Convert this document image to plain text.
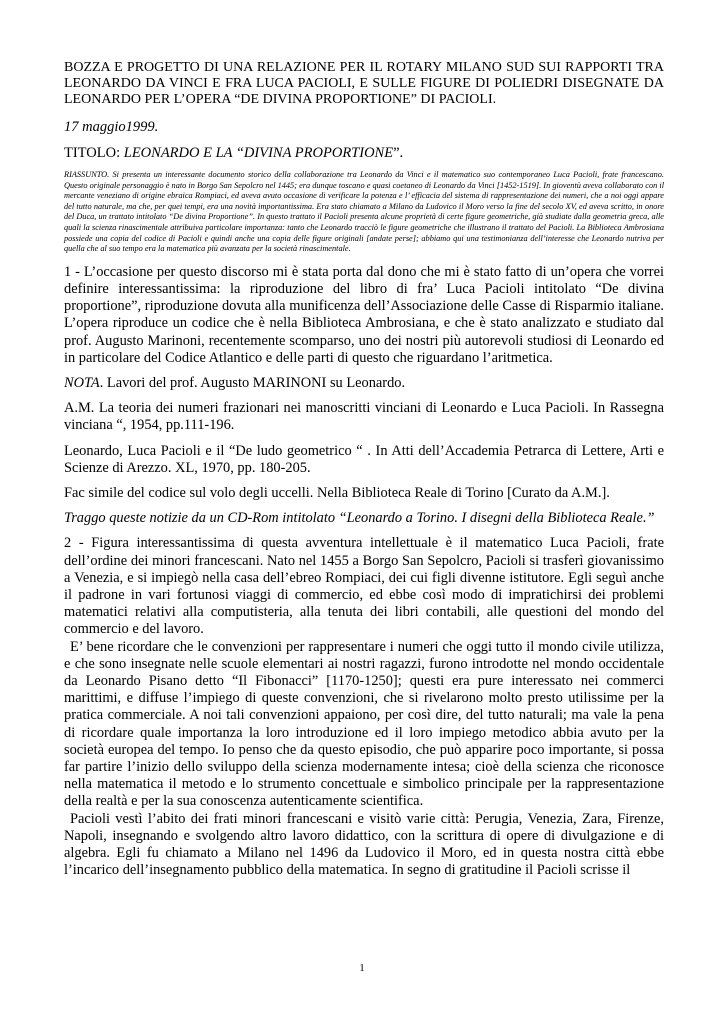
BOZZA E PROGETTO DI UNA RELAZIONE PER IL ROTARY MILANO SUD SUI RAPPORTI TRA LEONARDO DA VINCI E FRA LUCA PACIOLI, E SULLE FIGURE DI POLIEDRI DISEGNATE DA LEONARDO PER L’OPERA “DE DIVINA PROPORTIONE” DI PACIOLI.

17 maggio1999.

TITOLO: LEONARDO E LA “DIVINA PROPORTIONE”.

RIASSUNTO. Si presenta un interessante documento storico della collaborazione tra Leonardo da Vinci e il matematico suo contemporaneo Luca Pacioli, frate francescano. Questo originale personaggio è nato in Borgo San Sepolcro nel 1445; era dunque toscano e quasi coetaneo di Leonardo da Vinci [1452-1519]. In gioventù aveva collaborato con il mercante veneziano di origine ebraica Rompiaci, ed aveva avuto occasione di verificare la potenza e l’ efficacia del sistema di rappresentazione dei numeri, che a noi oggi appare del tutto naturale, ma che, per quei tempi, era una novità importantissima. Era stato chiamato a Milano da Ludovico il Moro verso la fine del secolo XV, ed aveva scritto, in onore del Duca, un trattato intitolato “De divina Proportione”. In questo trattato il Pacioli presenta alcune proprietà di certe figure geometriche, già studiate dalla geometria greca, alle quali la scienza rinascimentale attribuiva particolare importanza: tanto che Leonardo tracciò le figure geometriche che illustrano il trattato del Pacioli. La Biblioteca Ambrosiana possiede una copia del codice di Pacioli e quindi anche una copia delle figure originali [andate perse]; abbiamo qui una testimonianza dell’interesse che Leonardo nutriva per quella che al suo tempo era la matematica più avanzata per la società rinascimentale.

1 - L’occasione per questo discorso mi è stata porta dal dono che mi è stato fatto di un’opera che vorrei definire interessantissima: la riproduzione del libro di fra’ Luca Pacioli intitolato “De divina proportione”, riproduzione dovuta alla munificenza dell’Associazione delle Casse di Risparmio italiane. L’opera riproduce un codice che è nella Biblioteca Ambrosiana, e che è stato analizzato e studiato dal prof. Augusto Marinoni, recentemente scomparso, uno dei nostri più autorevoli studiosi di Leonardo ed in particolare del Codice Atlantico e delle parti di questo che riguardano l’aritmetica.

NOTA. Lavori del prof. Augusto MARINONI su Leonardo.

A.M. La teoria dei numeri frazionari nei manoscritti vinciani di Leonardo e Luca Pacioli. In Rassegna vinciana “, 1954, pp.111-196.

Leonardo, Luca Pacioli e il “De ludo geometrico “ . In Atti dell’Accademia Petrarca di Lettere, Arti e Scienze di Arezzo. XL, 1970, pp. 180-205.

Fac simile del codice sul volo degli uccelli. Nella Biblioteca Reale di Torino [Curato da A.M.].

Traggo queste notizie da un CD-Rom intitolato “Leonardo a Torino. I disegni della Biblioteca Reale.”

2 - Figura interessantissima di questa avventura intellettuale è il matematico Luca Pacioli, frate dell’ordine dei minori francescani. Nato nel 1455 a Borgo San Sepolcro, Pacioli si trasferì giovanissimo a Venezia, e si impiegò nella casa dell’ebreo Rompiaci, dei cui figli divenne istitutore. Egli seguì anche il padrone in vari fortunosi viaggi di commercio, ed ebbe così modo di impratichirsi dei problemi matematici relativi alla computisteria, alla tenuta dei libri contabili, alle questioni del mondo del commercio e del lavoro.

E’ bene ricordare che le convenzioni per rappresentare i numeri che oggi tutto il mondo civile utilizza, e che sono insegnate nelle scuole elementari ai nostri ragazzi, furono introdotte nel mondo occidentale da Leonardo Pisano detto “Il Fibonacci” [1170-1250]; questi era pure interessato nei commerci marittimi, e diffuse l’impiego di queste convenzioni, che si rivelarono molto presto utilissime per la pratica commerciale. A noi tali convenzioni appaiono, per così dire, del tutto naturali; ma vale la pena di ricordare quale importanza la loro introduzione ed il loro impiego metodico abbia avuto per la società europea del tempo. Io penso che da questo episodio, che può apparire poco importante, si possa far partire l’inizio dello sviluppo della scienza modernamente intesa; cioè della scienza che riconosce nella matematica il metodo e lo strumento concettuale e simbolico principale per la rappresentazione della realtà e per la sua conoscenza autenticamente scientifica.

Pacioli vestì l’abito dei frati minori francescani e visitò varie città: Perugia, Venezia, Zara, Firenze, Napoli, insegnando e svolgendo altro lavoro didattico, con la scrittura di opere di divulgazione e di algebra. Egli fu chiamato a Milano nel 1496 da Ludovico il Moro, ed in questa nostra città ebbe l’incarico dell’insegnamento pubblico della matematica. In segno di gratitudine il Pacioli scrisse il

1
